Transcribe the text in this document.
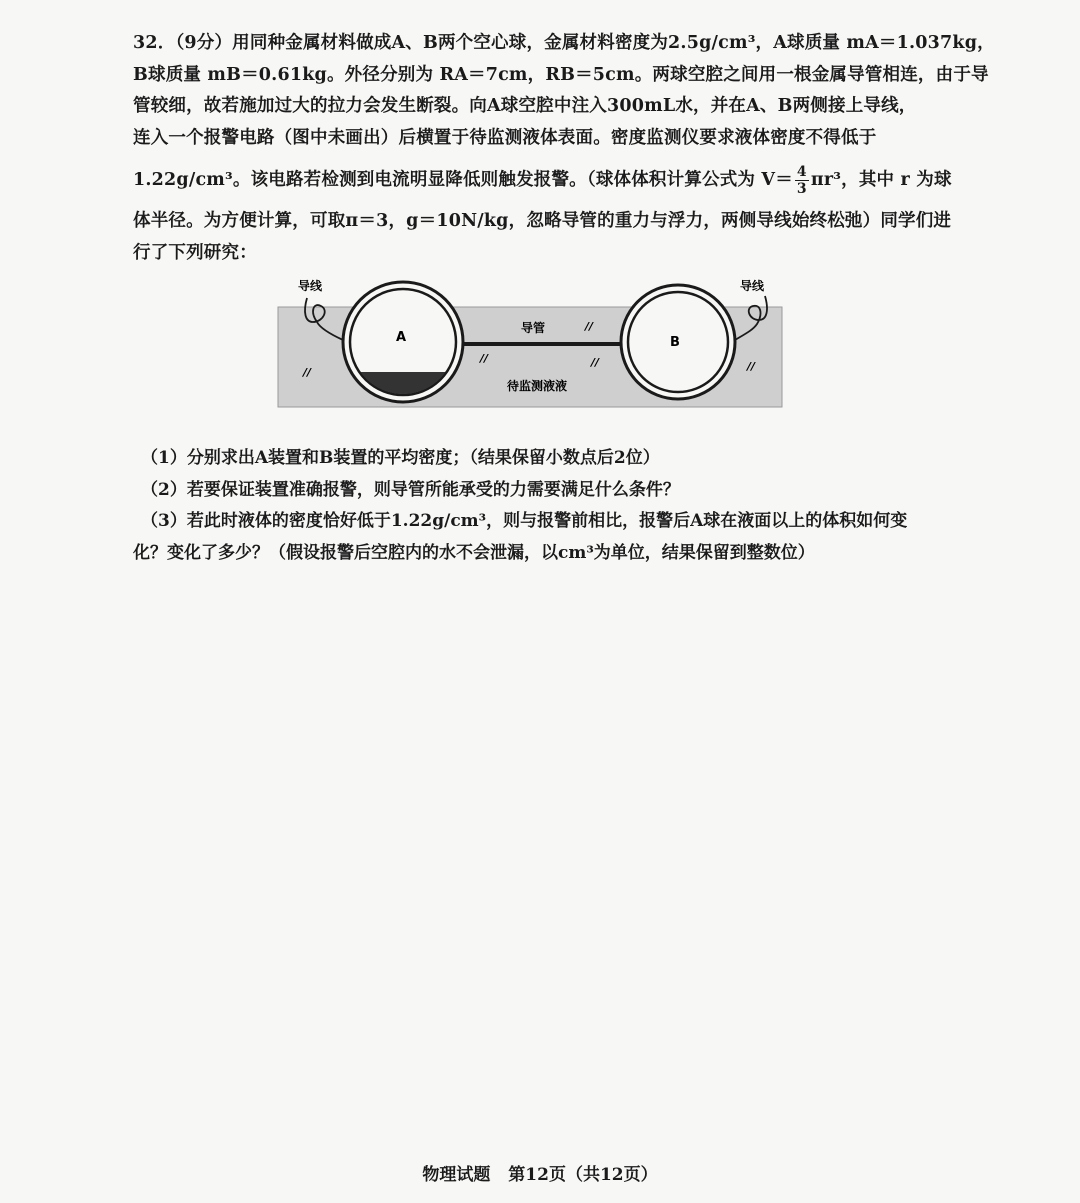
32．（9分）用同种金属材料做成A、B两个空心球，金属材料密度为2.5g/cm³，A球质量 mA＝1.037kg，
B球质量 mB＝0.61kg。外径分别为 RA＝7cm，RB＝5cm。两球空腔之间用一根金属导管相连，由于导
管较细，故若施加过大的拉力会发生断裂。向A球空腔中注入300mL水，并在A、B两侧接上导线，
连入一个报警电路（图中未画出）后横置于待监测液体表面。密度监测仪要求液体密度不得低于
1.22g/cm³。该电路若检测到电流明显降低则触发报警。（球体体积计算公式为 $V= \frac{4}{3} \pi r^3$，其中 r 为球
体半径。为方便计算，可取π＝3，g＝10N/kg，忽略导管的重力与浮力，两侧导线始终松弛）同学们进
行了下列研究：
A
导管
B
导线	导线
//
//
//	//	//
待监测液液

（1）分别求出A装置和B装置的平均密度；（结果保留小数点后2位）

（2）若要保证装置准确报警，则导管所能承受的力需要满足什么条件？

（3）若此时液体的密度恰好低于1.22g/cm³，则与报警前相比，报警后A球在液面以上的体积如何变

化？变化了多少？（假设报警后空腔内的水不会泄漏，以cm³为单位，结果保留到整数位）

物理试题 第12页（共12页）
